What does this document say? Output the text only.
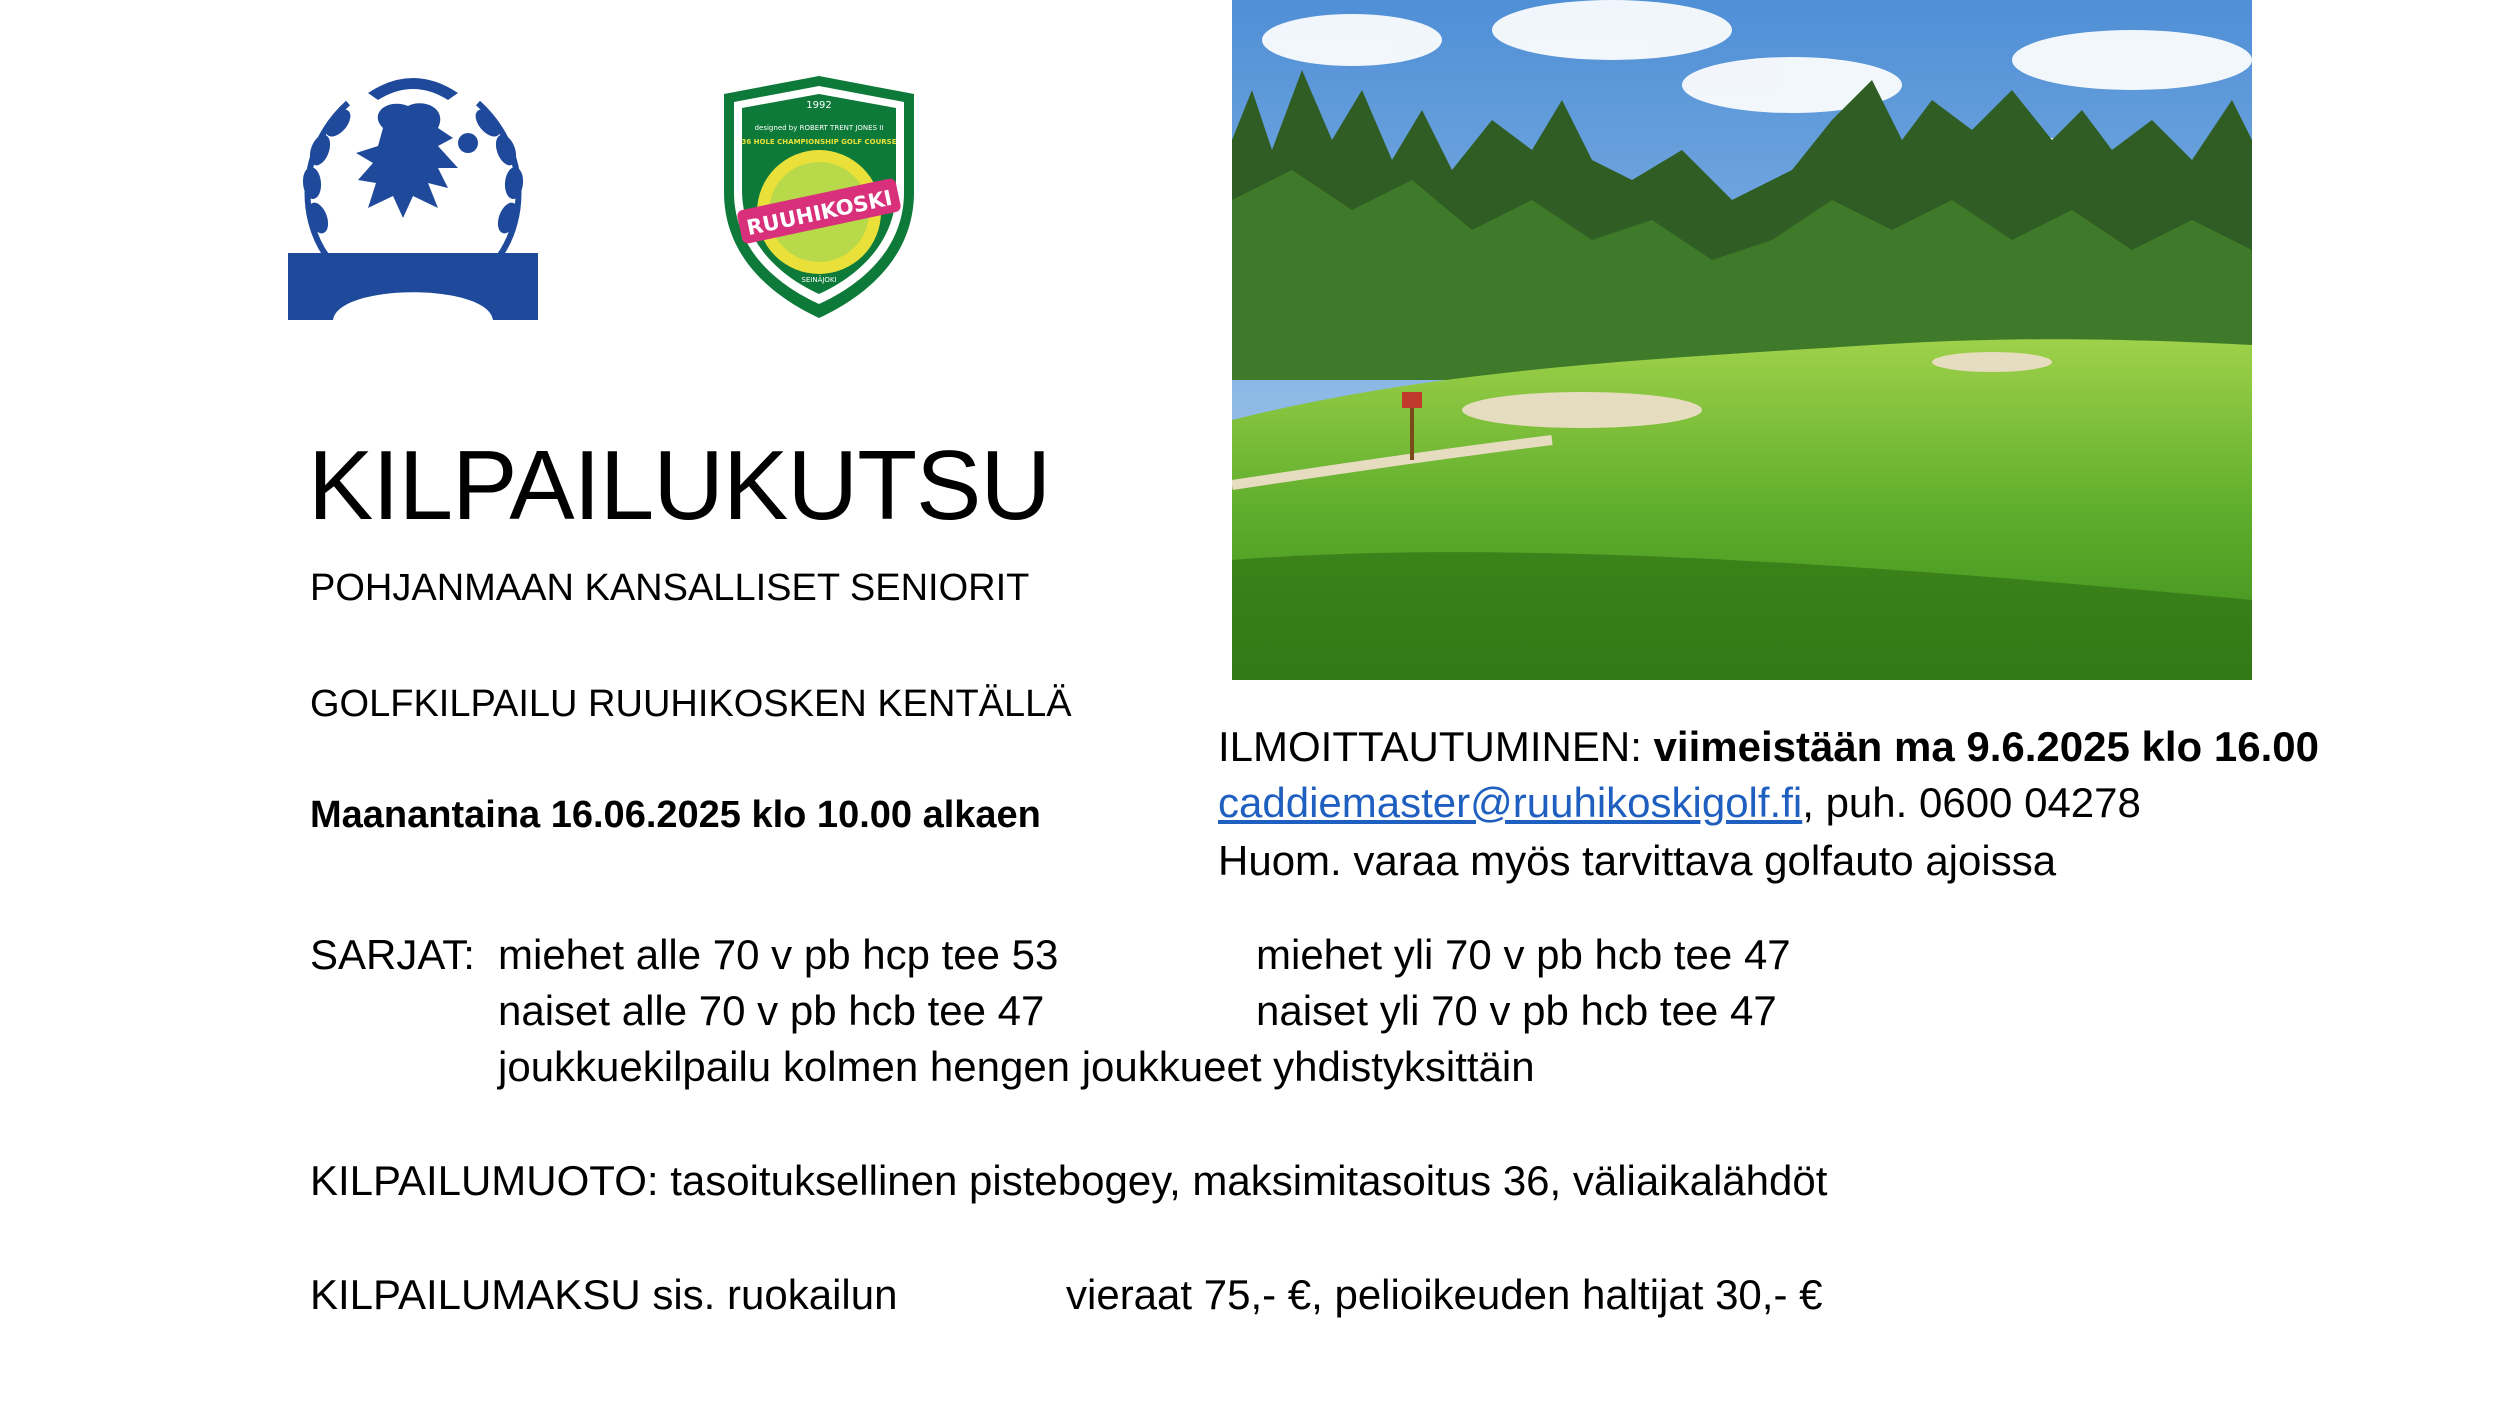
1992
designed by ROBERT TRENT JONES II
36 HOLE CHAMPIONSHIP GOLF COURSE
RUUHIKOSKI
SEINÄJOKI
KILPAILUKUTSU
POHJANMAAN KANSALLISET SENIORIT
GOLFKILPAILU RUUHIKOSKEN KENTÄLLÄ
Maanantaina 16.06.2025 klo 10.00 alkaen
ILMOITTAUTUMINEN: viimeistään ma 9.6.2025 klo 16.00
caddiemaster@ruuhikoskigolf.fi, puh. 0600 04278
Huom. varaa myös tarvittava golfauto ajoissa
SARJAT: miehet alle 70 v pb hcp tee 53	miehet yli 70 v pb hcb tee 47
naiset alle 70 v pb hcb tee 47	naiset yli 70 v pb hcb tee 47
joukkuekilpailu kolmen hengen joukkueet yhdistyksittäin
KILPAILUMUOTO: tasoituksellinen pistebogey, maksimitasoitus 36, väliaikalähdöt
KILPAILUMAKSU sis. ruokailun	vieraat 75,- €, pelioikeuden haltijat 30,- €
